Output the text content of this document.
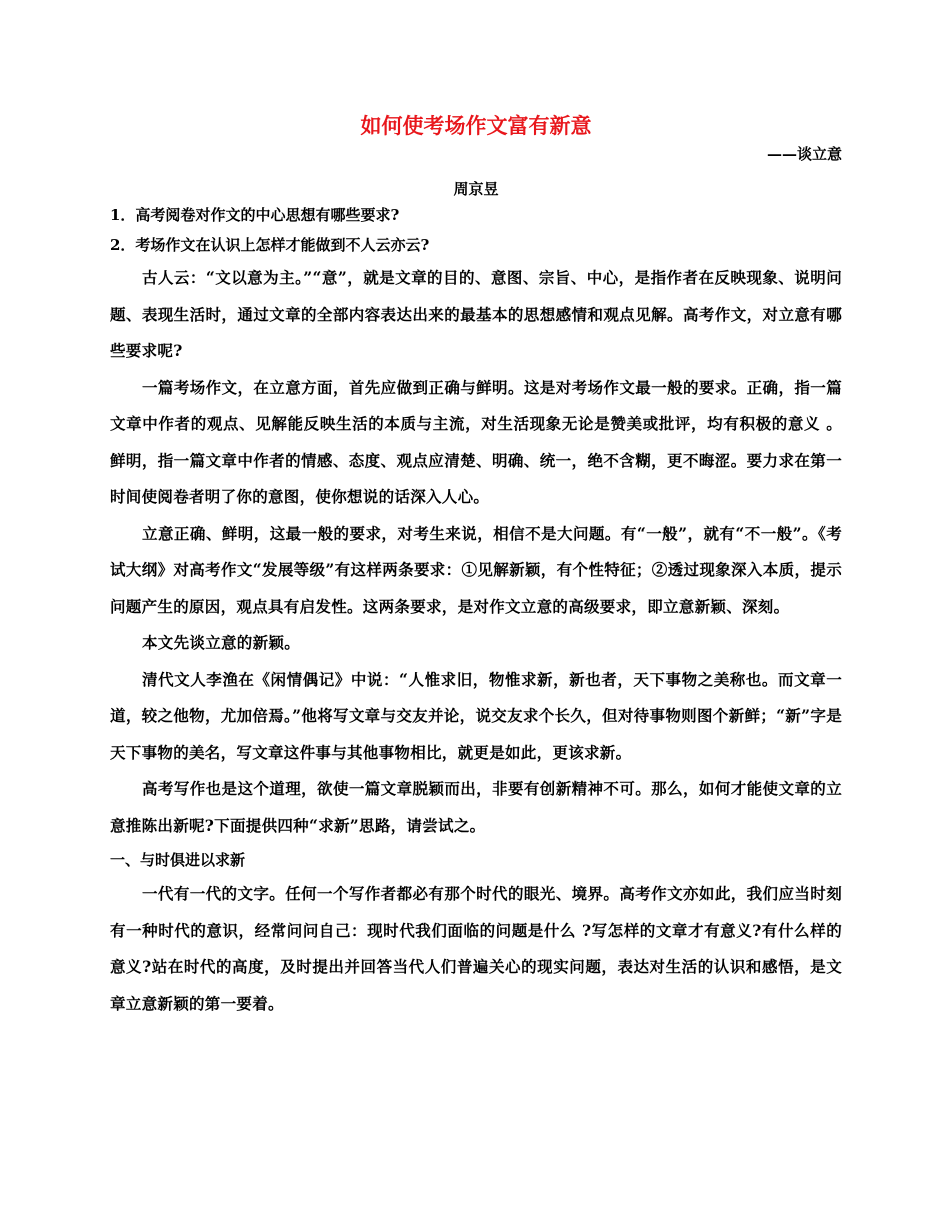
如何使考场作文富有新意
——谈立意
周京昱

1．高考阅卷对作文的中心思想有哪些要求?

2．考场作文在认识上怎样才能做到不人云亦云?

古人云：“文以意为主。”“意”，就是文章的目的、意图、宗旨、中心，是指作者在反映现象、说明问题、表现生活时，通过文章的全部内容表达出来的最基本的思想感情和观点见解。高考作文，对立意有哪些要求呢?

一篇考场作文，在立意方面，首先应做到正确与鲜明。这是对考场作文最一般的要求。正确，指一篇文章中作者的观点、见解能反映生活的本质与主流，对生活现象无论是赞美或批评，均有积极的意义 。鲜明，指一篇文章中作者的情感、态度、观点应清楚、明确、统一，绝不含糊，更不晦涩。要力求在第一时间使阅卷者明了你的意图，使你想说的话深入人心。

立意正确、鲜明，这最一般的要求，对考生来说，相信不是大问题。有“一般”，就有“不一般”。《考试大纲》对高考作文“发展等级”有这样两条要求：①见解新颖，有个性特征；②透过现象深入本质，提示问题产生的原因，观点具有启发性。这两条要求，是对作文立意的高级要求，即立意新颖、深刻。

本文先谈立意的新颖。

清代文人李渔在《闲情偶记》中说：“人惟求旧，物惟求新，新也者，天下事物之美称也。而文章一道，较之他物，尤加倍焉。”他将写文章与交友并论，说交友求个长久，但对待事物则图个新鲜；“新”字是天下事物的美名，写文章这件事与其他事物相比，就更是如此，更该求新。

高考写作也是这个道理，欲使一篇文章脱颖而出，非要有创新精神不可。那么，如何才能使文章的立意推陈出新呢?下面提供四种“求新”思路，请尝试之。

一、与时俱进以求新

一代有一代的文字。任何一个写作者都必有那个时代的眼光、境界。高考作文亦如此，我们应当时刻有一种时代的意识，经常问问自己：现时代我们面临的问题是什么 ?写怎样的文章才有意义?有什么样的意义?站在时代的高度，及时提出并回答当代人们普遍关心的现实问题，表达对生活的认识和感悟，是文章立意新颖的第一要着。
